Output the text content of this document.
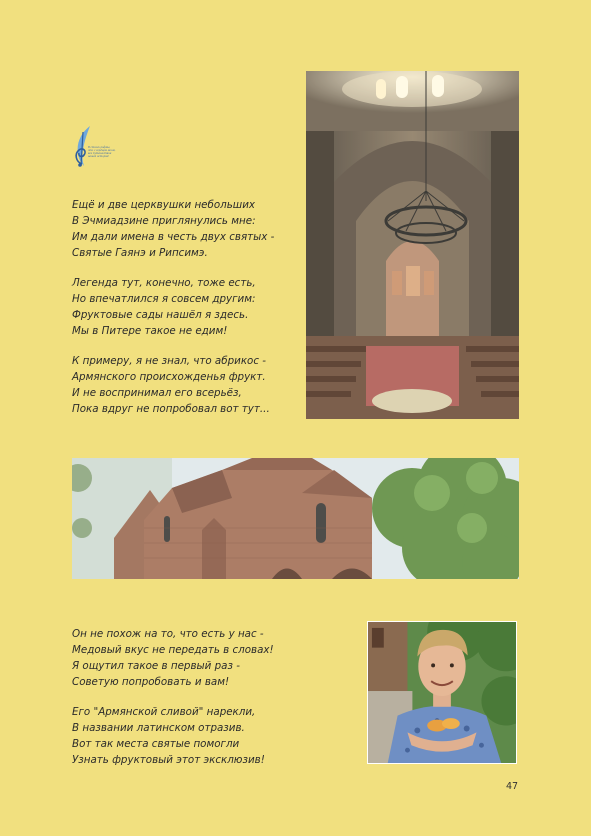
В стихах рифмы,
что с сердцем моим,
все путешествия
нашей истории!
Ещё и две церквушки небольших
В Эчмиадзине приглянулись мне:
Им дали имена в честь двух святых -
Святые Гаянэ и Рипсимэ.
Легенда тут, конечно, тоже есть,
Но впечатлился я совсем другим:
Фруктовые сады нашёл я здесь.
Мы в Питере такое не едим!
К примеру, я не знал, что абрикос -
Армянского происхожденья фрукт.
И не воспринимал его всерьёз,
Пока вдруг не попробовал вот тут...
Он не похож на то, что есть у нас -
Медовый вкус не передать в словах!
Я ощутил такое в первый раз -
Советую попробовать и вам!
Его "Армянской сливой" нарекли,
В названии латинском отразив.
Вот так места святые помогли
Узнать фруктовый этот эксклюзив!
47
